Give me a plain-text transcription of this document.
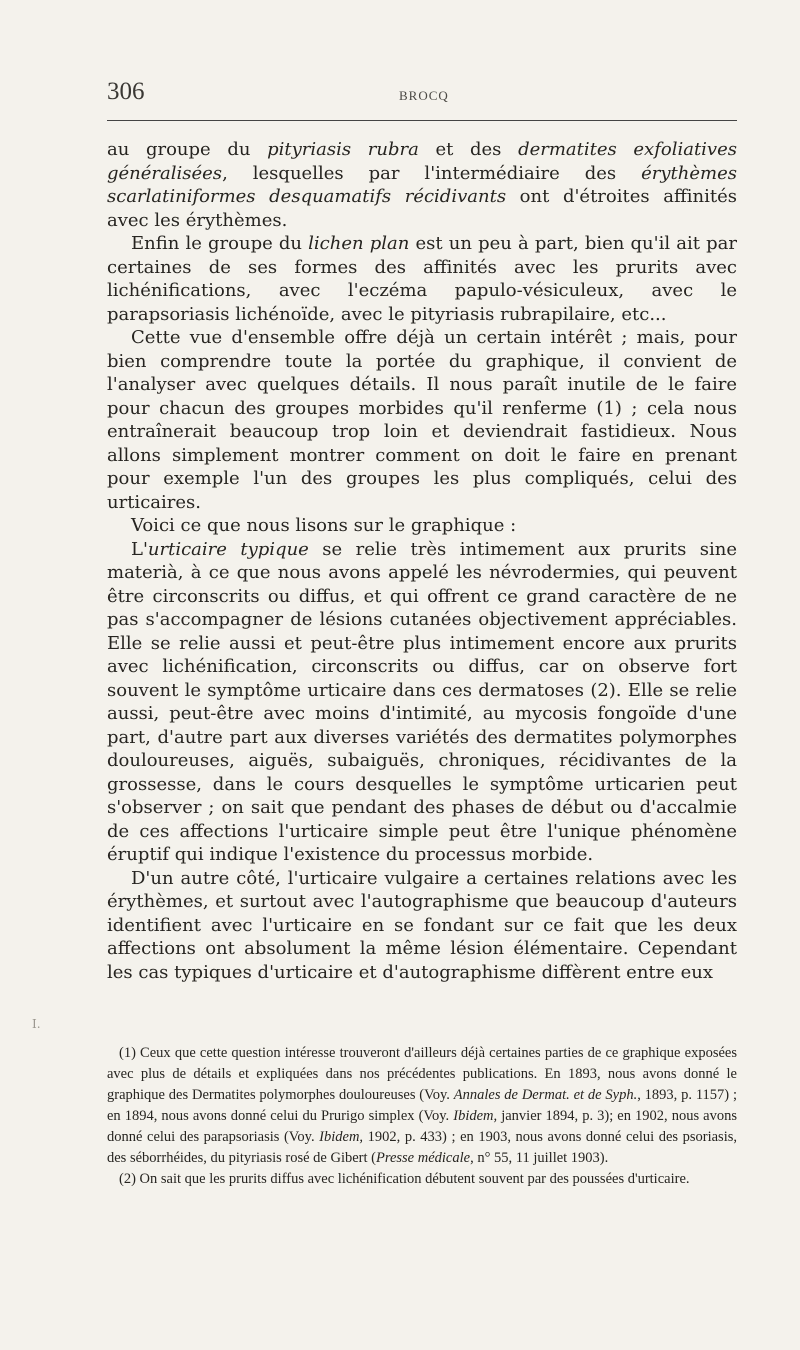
306	BROCQ

au groupe du pityriasis rubra et des dermatites exfoliatives généralisées, lesquelles par l'intermédiaire des érythèmes scarlatiniformes desquamatifs récidivants ont d'étroites affinités avec les érythèmes.

Enfin le groupe du lichen plan est un peu à part, bien qu'il ait par certaines de ses formes des affinités avec les prurits avec lichénifications, avec l'eczéma papulo-vésiculeux, avec le parapsoriasis lichénoïde, avec le pityriasis rubrapilaire, etc...

Cette vue d'ensemble offre déjà un certain intérêt ; mais, pour bien comprendre toute la portée du graphique, il convient de l'analyser avec quelques détails. Il nous paraît inutile de le faire pour chacun des groupes morbides qu'il renferme (1) ; cela nous entraînerait beaucoup trop loin et deviendrait fastidieux. Nous allons simplement montrer comment on doit le faire en prenant pour exemple l'un des groupes les plus compliqués, celui des urticaires.

Voici ce que nous lisons sur le graphique :

L'urticaire typique se relie très intimement aux prurits sine materià, à ce que nous avons appelé les névrodermies, qui peuvent être circonscrits ou diffus, et qui offrent ce grand caractère de ne pas s'accompagner de lésions cutanées objectivement appréciables. Elle se relie aussi et peut-être plus intimement encore aux prurits avec lichénification, circonscrits ou diffus, car on observe fort souvent le symptôme urticaire dans ces dermatoses (2). Elle se relie aussi, peut-être avec moins d'intimité, au mycosis fongoïde d'une part, d'autre part aux diverses variétés des dermatites polymorphes douloureuses, aiguës, subaiguës, chroniques, récidivantes de la grossesse, dans le cours desquelles le symptôme urticarien peut s'observer ; on sait que pendant des phases de début ou d'accalmie de ces affections l'urticaire simple peut être l'unique phénomène éruptif qui indique l'existence du processus morbide.

D'un autre côté, l'urticaire vulgaire a certaines relations avec les érythèmes, et surtout avec l'autographisme que beaucoup d'auteurs identifient avec l'urticaire en se fondant sur ce fait que les deux affections ont absolument la même lésion élémentaire. Cependant les cas typiques d'urticaire et d'autographisme diffèrent entre eux

(1) Ceux que cette question intéresse trouveront d'ailleurs déjà certaines parties de ce graphique exposées avec plus de détails et expliquées dans nos précédentes publications. En 1893, nous avons donné le graphique des Dermatites polymorphes douloureuses (Voy. Annales de Dermat. et de Syph., 1893, p. 1157) ; en 1894, nous avons donné celui du Prurigo simplex (Voy. Ibidem, janvier 1894, p. 3); en 1902, nous avons donné celui des parapsoriasis (Voy. Ibidem, 1902, p. 433) ; en 1903, nous avons donné celui des psoriasis, des séborrhéides, du pityriasis rosé de Gibert (Presse médicale, n° 55, 11 juillet 1903).

(2) On sait que les prurits diffus avec lichénification débutent souvent par des poussées d'urticaire.

I.
